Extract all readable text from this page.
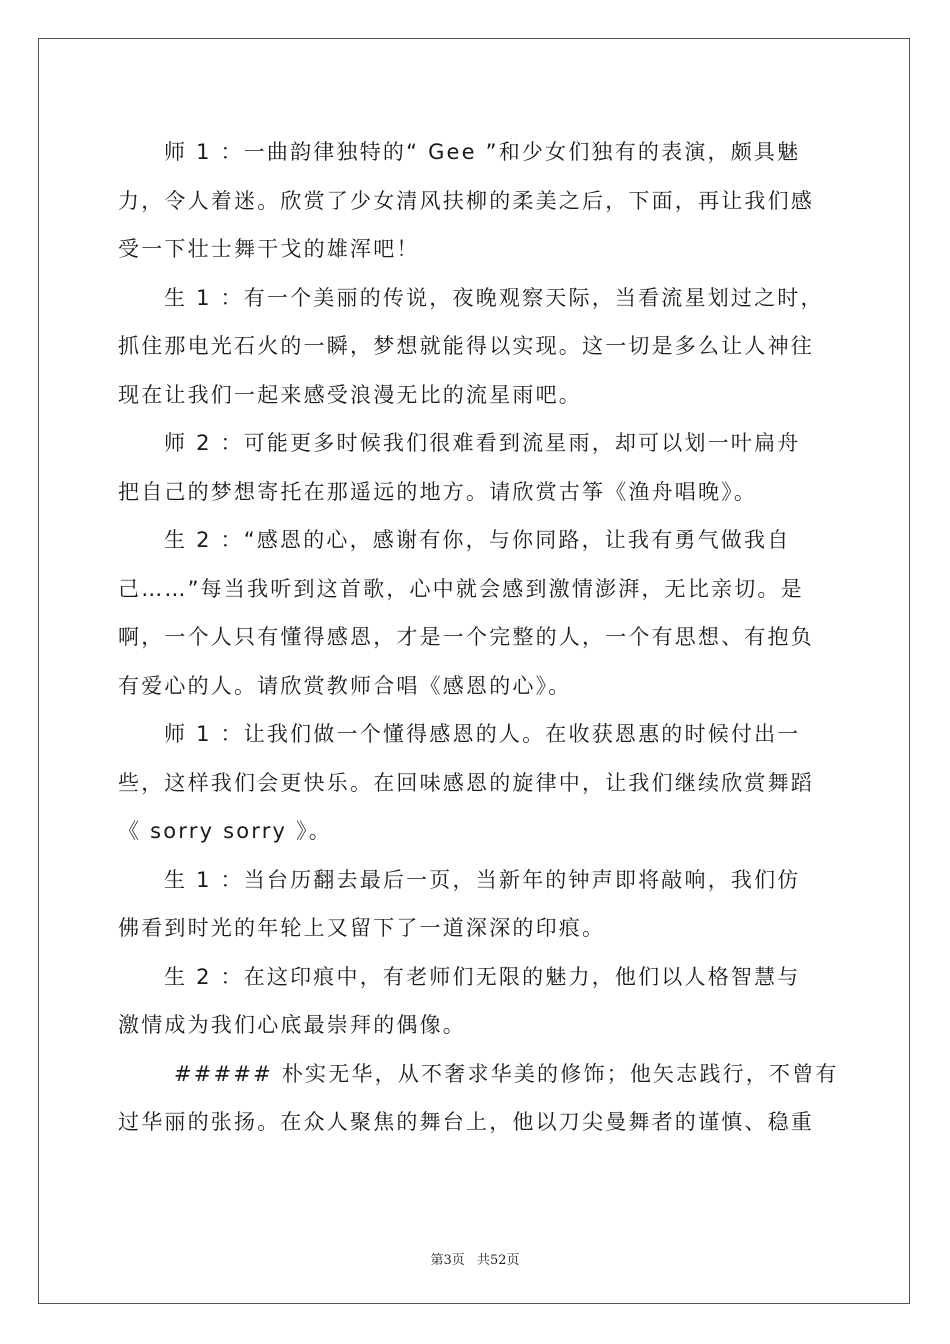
师 1 ：一曲韵律独特的“ Gee ”和少女们独有的表演，颇具魅
力，令人着迷。欣赏了少女清风扶柳的柔美之后，下面，再让我们感
受一下壮士舞干戈的雄浑吧！
生 1 ：有一个美丽的传说，夜晚观察天际，当看流星划过之时，
抓住那电光石火的一瞬，梦想就能得以实现。这一切是多么让人神往
现在让我们一起来感受浪漫无比的流星雨吧。
师 2 ：可能更多时候我们很难看到流星雨，却可以划一叶扁舟
把自己的梦想寄托在那遥远的地方。请欣赏古筝《渔舟唱晚》。
生 2 ：“感恩的心，感谢有你，与你同路，让我有勇气做我自
己……”每当我听到这首歌，心中就会感到激情澎湃，无比亲切。是
啊，一个人只有懂得感恩，才是一个完整的人，一个有思想、有抱负
有爱心的人。请欣赏教师合唱《感恩的心》。
师 1 ：让我们做一个懂得感恩的人。在收获恩惠的时候付出一
些，这样我们会更快乐。在回味感恩的旋律中，让我们继续欣赏舞蹈
《 sorry sorry 》。
生 1 ：当台历翻去最后一页，当新年的钟声即将敲响，我们仿
佛看到时光的年轮上又留下了一道深深的印痕。
生 2 ：在这印痕中，有老师们无限的魅力，他们以人格智慧与
激情成为我们心底最崇拜的偶像。
##### 朴实无华，从不奢求华美的修饰；他矢志践行，不曾有
过华丽的张扬。在众人聚焦的舞台上，他以刀尖曼舞者的谨慎、稳重
第3页 共52页
